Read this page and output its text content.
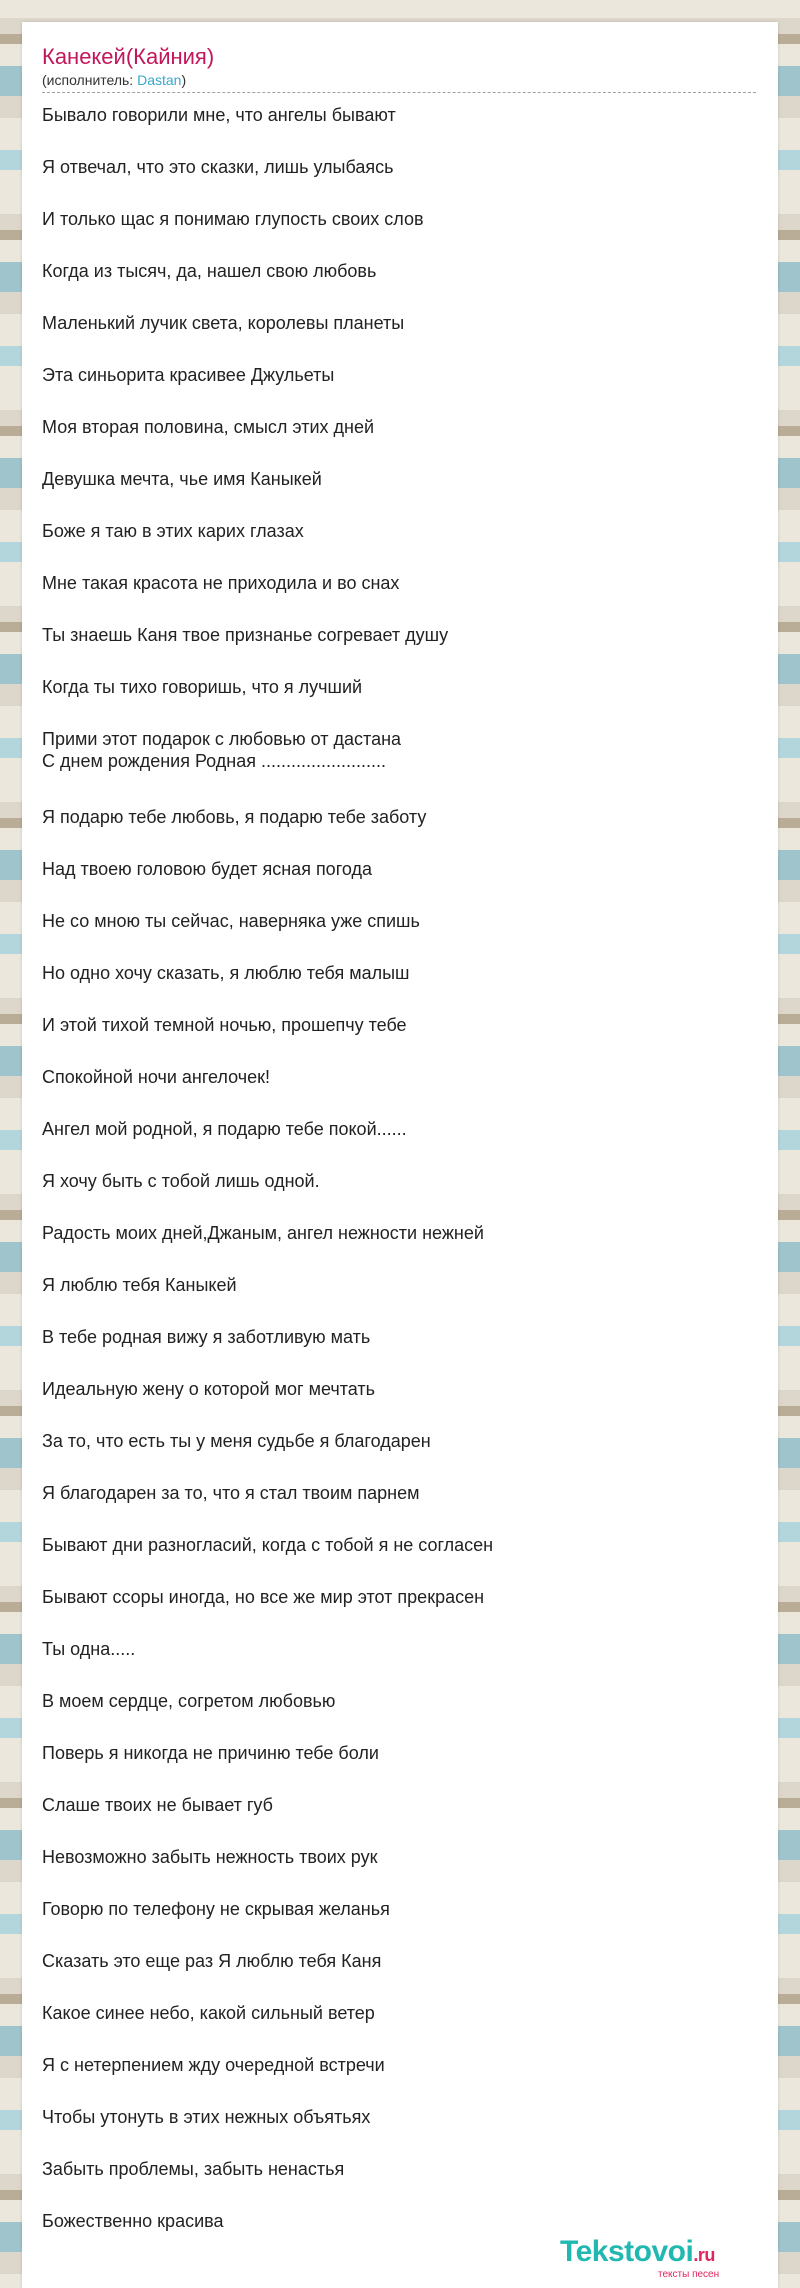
Канекей(Кайния)
(исполнитель: Dastan)
Бывало говорили мне, что ангелы бывают
Я отвечал, что это сказки, лишь улыбаясь
И только щас я понимаю глупость своих слов
Когда из тысяч, да, нашел свою любовь
Маленький лучик света, королевы планеты
Эта синьорита красивее Джульеты
Моя вторая половина, смысл этих дней
Девушка мечта, чье имя Каныкей
Боже я таю в этих карих глазах
Мне такая красота не приходила и во снах
Ты знаешь Каня твое признанье согревает душу
Когда ты тихо говоришь, что я лучший
Прими этот подарок с любовью от дастана
С днем рождения Родная .........................
Я подарю тебе любовь, я подарю тебе заботу
Над твоею головою будет ясная погода
Не со мною ты сейчас, наверняка уже спишь
Но одно хочу сказать, я люблю тебя малыш
И этой тихой темной ночью, прошепчу тебе
Спокойной ночи ангелочек!
Ангел мой родной, я подарю тебе покой......
Я хочу быть с тобой лишь одной.
Радость моих дней,Джаным, ангел нежности нежней
Я люблю тебя Каныкей
В тебе родная вижу я заботливую мать
Идеальную жену о которой мог мечтать
За то, что есть ты у меня судьбе я благодарен
Я благодарен за то, что я стал твоим парнем
Бывают дни разногласий, когда с тобой я не согласен
Бывают ссоры иногда, но все же мир этот прекрасен
Ты одна.....
В моем сердце, согретом любовью
Поверь я никогда не причиню тебе боли
Слаше твоих не бывает губ
Невозможно забыть нежность твоих рук
Говорю по телефону не скрывая желанья
Сказать это еще раз Я люблю тебя Каня
Какое синее небо, какой сильный ветер
Я с нетерпением жду очередной встречи
Чтобы утонуть в этих нежных объятьях
Забыть проблемы, забыть ненастья
Божественно красива
Tekstovoi.ru
тексты песен
